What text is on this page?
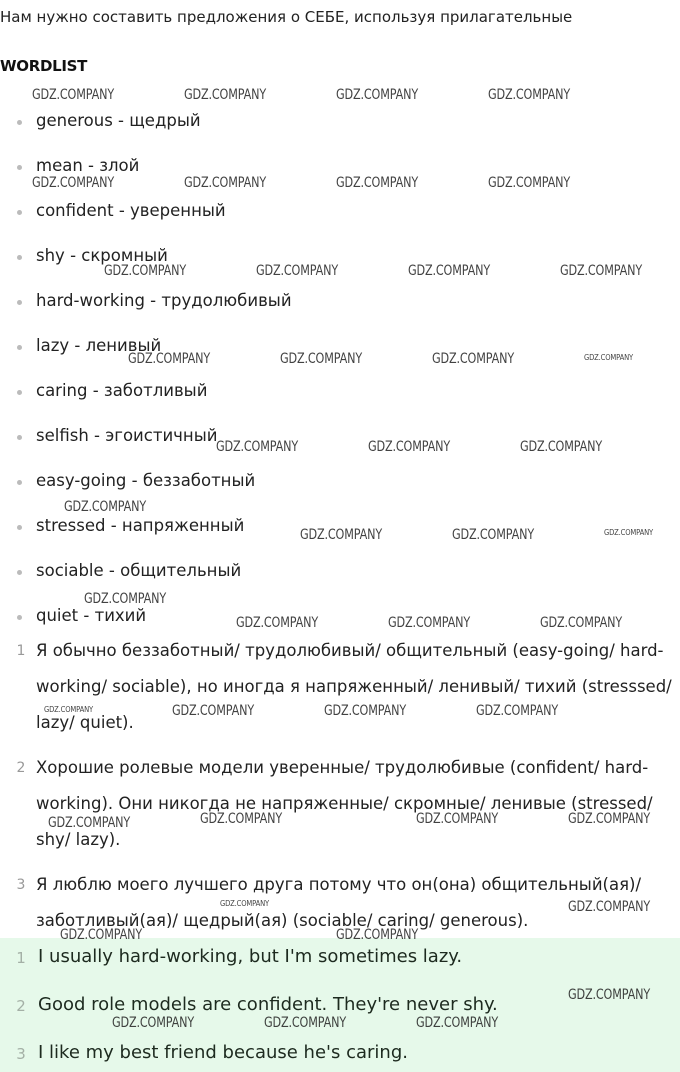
Нам нужно составить предложения о СЕБЕ, используя прилагательные
WORDLIST
generous - щедрый
mean - злой
confident - уверенный
shy - скромный
hard-working - трудолюбивый
lazy - ленивый
caring - заботливый
selfish - эгоистичный
easy-going - беззаботный
stressed - напряженный
sociable - общительный
quiet - тихий
1 Я обычно беззаботный/ трудолюбивый/ общительный (easy-going/ hard-working/ sociable), но иногда я напряженный/ ленивый/ тихий (stresssed/ lazy/ quiet).
2 Хорошие ролевые модели уверенные/ трудолюбивые (confident/ hard-working). Они никогда не напряженные/ скромные/ ленивые (stressed/ shy/ lazy).
3 Я люблю моего лучшего друга потому что он(она) общительный(ая)/ заботливый(ая)/ щедрый(ая) (sociable/ caring/ generous).
1 I usually hard-working, but I'm sometimes lazy.
2 Good role models are confident. They're never shy.
3 I like my best friend because he's caring.
GDZ.COMPANY	GDZ.COMPANY	GDZ.COMPANY	GDZ.COMPANY
GDZ.COMPANY	GDZ.COMPANY	GDZ.COMPANY	GDZ.COMPANY
GDZ.COMPANY	GDZ.COMPANY	GDZ.COMPANY	GDZ.COMPANY
GDZ.COMPANY	GDZ.COMPANY	GDZ.COMPANY	GDZ.COMPANY
GDZ.COMPANY	GDZ.COMPANY	GDZ.COMPANY
GDZ.COMPANY
GDZ.COMPANY	GDZ.COMPANY	GDZ.COMPANY
GDZ.COMPANY
GDZ.COMPANY	GDZ.COMPANY	GDZ.COMPANY
GDZ.COMPANY	GDZ.COMPANY	GDZ.COMPANY	GDZ.COMPANY
GDZ.COMPANY	GDZ.COMPANY	GDZ.COMPANY	GDZ.COMPANY
GDZ.COMPANY	GDZ.COMPANY
GDZ.COMPANY	GDZ.COMPANY
GDZ.COMPANY
GDZ.COMPANY	GDZ.COMPANY	GDZ.COMPANY
